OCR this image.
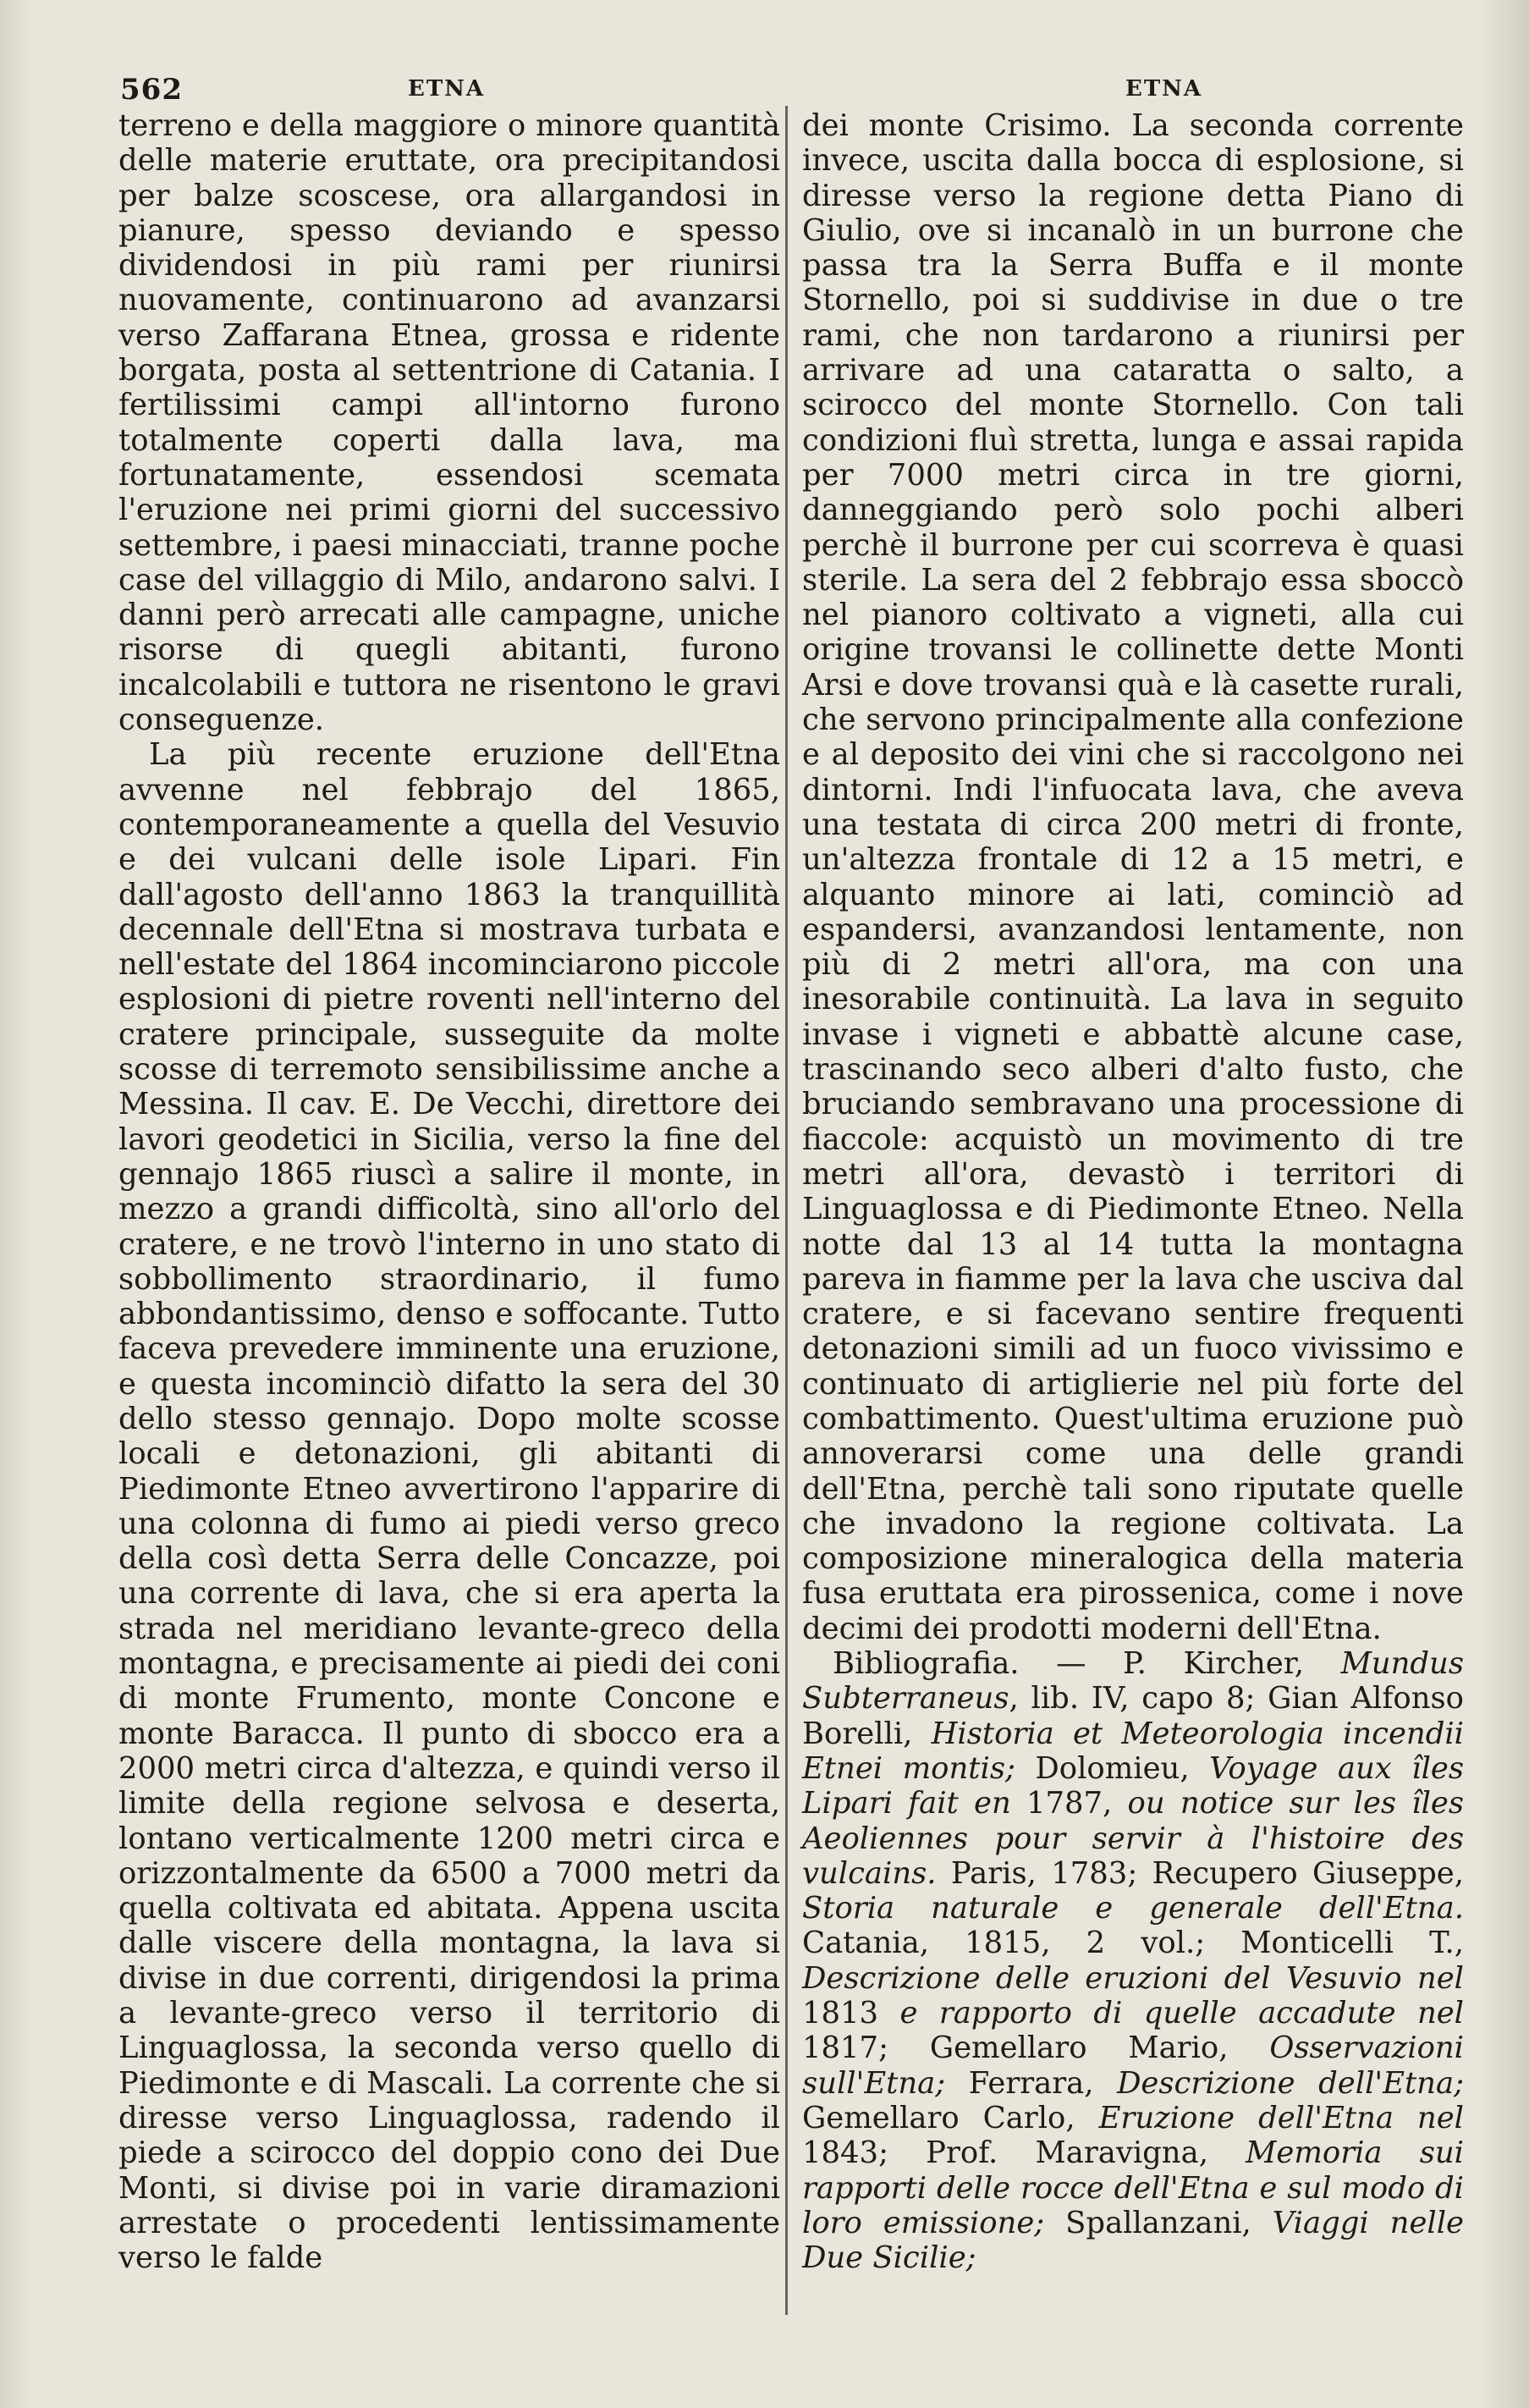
562	ETNA	ETNA

terreno e della maggiore o minore quantità delle materie eruttate, ora precipitandosi per balze scoscese, ora allargandosi in pianure, spesso deviando e spesso dividendosi in più rami per riunirsi nuovamente, continuarono ad avanzarsi verso Zaffarana Etnea, grossa e ridente borgata, posta al settentrione di Catania. I fertilissimi campi all'intorno furono totalmente coperti dalla lava, ma fortunatamente, essendosi scemata l'eruzione nei primi giorni del successivo settembre, i paesi minacciati, tranne poche case del villaggio di Milo, andarono salvi. I danni però arrecati alle campagne, uniche risorse di quegli abitanti, furono incalcolabili e tuttora ne risentono le gravi conseguenze.

La più recente eruzione dell'Etna avvenne nel febbrajo del 1865, contemporaneamente a quella del Vesuvio e dei vulcani delle isole Lipari. Fin dall'agosto dell'anno 1863 la tranquillità decennale dell'Etna si mostrava turbata e nell'estate del 1864 incominciarono piccole esplosioni di pietre roventi nell'interno del cratere principale, susseguite da molte scosse di terremoto sensibilissime anche a Messina. Il cav. E. De Vecchi, direttore dei lavori geodetici in Sicilia, verso la fine del gennajo 1865 riuscì a salire il monte, in mezzo a grandi difficoltà, sino all'orlo del cratere, e ne trovò l'interno in uno stato di sobbollimento straordinario, il fumo abbondantissimo, denso e soffocante. Tutto faceva prevedere imminente una eruzione, e questa incominciò difatto la sera del 30 dello stesso gennajo. Dopo molte scosse locali e detonazioni, gli abitanti di Piedimonte Etneo avvertirono l'apparire di una colonna di fumo ai piedi verso greco della così detta Serra delle Concazze, poi una corrente di lava, che si era aperta la strada nel meridiano levante-greco della montagna, e precisamente ai piedi dei coni di monte Frumento, monte Concone e monte Baracca. Il punto di sbocco era a 2000 metri circa d'altezza, e quindi verso il limite della regione selvosa e deserta, lontano verticalmente 1200 metri circa e orizzontalmente da 6500 a 7000 metri da quella coltivata ed abitata. Appena uscita dalle viscere della montagna, la lava si divise in due correnti, dirigendosi la prima a levante-greco verso il territorio di Linguaglossa, la seconda verso quello di Piedimonte e di Mascali. La corrente che si diresse verso Linguaglossa, radendo il piede a scirocco del doppio cono dei Due Monti, si divise poi in varie diramazioni arrestate o procedenti lentissimamente verso le falde

dei monte Crisimo. La seconda corrente invece, uscita dalla bocca di esplosione, si diresse verso la regione detta Piano di Giulio, ove si incanalò in un burrone che passa tra la Serra Buffa e il monte Stornello, poi si suddivise in due o tre rami, che non tardarono a riunirsi per arrivare ad una cataratta o salto, a scirocco del monte Stornello. Con tali condizioni fluì stretta, lunga e assai rapida per 7000 metri circa in tre giorni, danneggiando però solo pochi alberi perchè il burrone per cui scorreva è quasi sterile. La sera del 2 febbrajo essa sboccò nel pianoro coltivato a vigneti, alla cui origine trovansi le collinette dette Monti Arsi e dove trovansi quà e là casette rurali, che servono principalmente alla confezione e al deposito dei vini che si raccolgono nei dintorni. Indi l'infuocata lava, che aveva una testata di circa 200 metri di fronte, un'altezza frontale di 12 a 15 metri, e alquanto minore ai lati, cominciò ad espandersi, avanzandosi lentamente, non più di 2 metri all'ora, ma con una inesorabile continuità. La lava in seguito invase i vigneti e abbattè alcune case, trascinando seco alberi d'alto fusto, che bruciando sembravano una processione di fiaccole: acquistò un movimento di tre metri all'ora, devastò i territori di Linguaglossa e di Piedimonte Etneo. Nella notte dal 13 al 14 tutta la montagna pareva in fiamme per la lava che usciva dal cratere, e si facevano sentire frequenti detonazioni simili ad un fuoco vivissimo e continuato di artiglierie nel più forte del combattimento. Quest'ultima eruzione può annoverarsi come una delle grandi dell'Etna, perchè tali sono riputate quelle che invadono la regione coltivata. La composizione mineralogica della materia fusa eruttata era pirossenica, come i nove decimi dei prodotti moderni dell'Etna.

Bibliografia. — P. Kircher, Mundus Subterraneus, lib. IV, capo 8; Gian Alfonso Borelli, Historia et Meteorologia incendii Etnei montis; Dolomieu, Voyage aux îles Lipari fait en 1787, ou notice sur les îles Aeoliennes pour servir à l'histoire des vulcains. Paris, 1783; Recupero Giuseppe, Storia naturale e generale dell'Etna. Catania, 1815, 2 vol.; Monticelli T., Descrizione delle eruzioni del Vesuvio nel 1813 e rapporto di quelle accadute nel 1817; Gemellaro Mario, Osservazioni sull'Etna; Ferrara, Descrizione dell'Etna; Gemellaro Carlo, Eruzione dell'Etna nel 1843; Prof. Maravigna, Memoria sui rapporti delle rocce dell'Etna e sul modo di loro emissione; Spallanzani, Viaggi nelle Due Sicilie;
